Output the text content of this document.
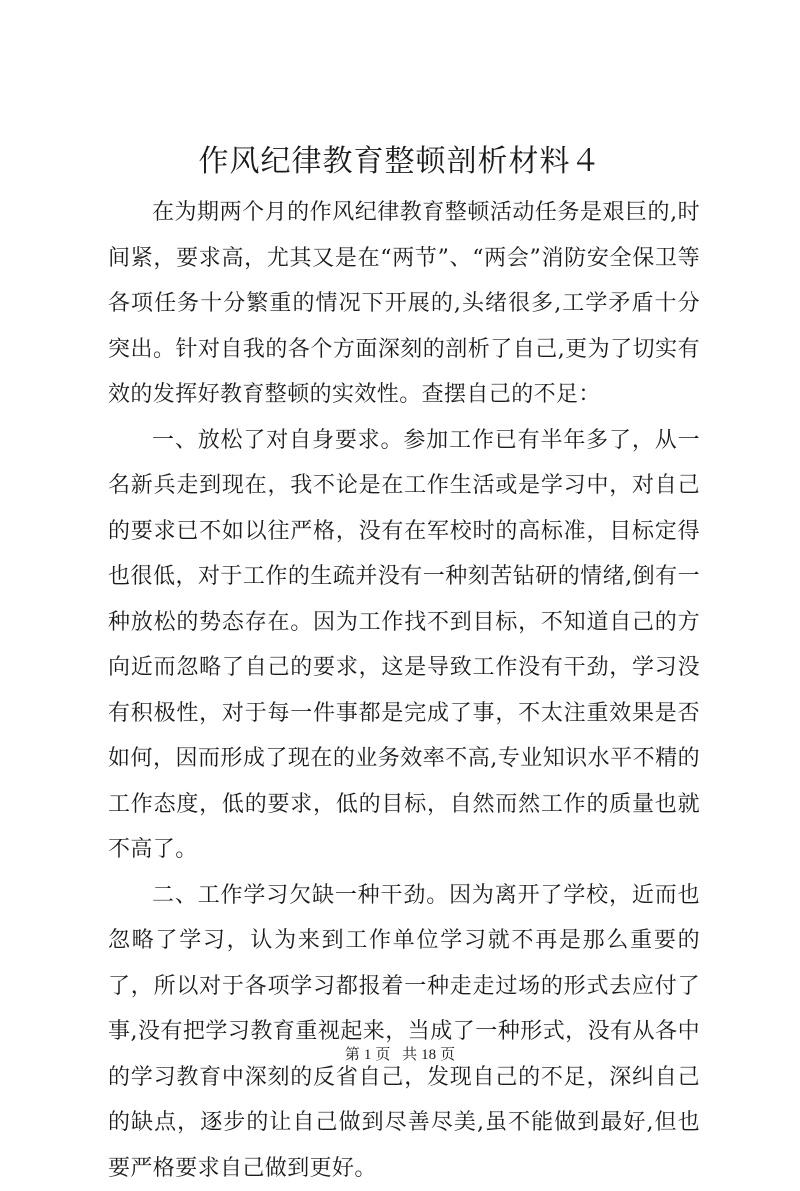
作风纪律教育整顿剖析材料４

在为期两个月的作风纪律教育整顿活动任务是艰巨的,时间紧，要求高，尤其又是在“两节”、“两会”消防安全保卫等各项任务十分繁重的情况下开展的,头绪很多,工学矛盾十分突出。针对自我的各个方面深刻的剖析了自己,更为了切实有效的发挥好教育整顿的实效性。查摆自己的不足：

一、放松了对自身要求。参加工作已有半年多了，从一名新兵走到现在，我不论是在工作生活或是学习中，对自己的要求已不如以往严格，没有在军校时的高标准，目标定得也很低，对于工作的生疏并没有一种刻苦钻研的情绪,倒有一种放松的势态存在。因为工作找不到目标，不知道自己的方向近而忽略了自己的要求，这是导致工作没有干劲，学习没有积极性，对于每一件事都是完成了事，不太注重效果是否如何，因而形成了现在的业务效率不高,专业知识水平不精的工作态度，低的要求，低的目标，自然而然工作的质量也就不高了。

二、工作学习欠缺一种干劲。因为离开了学校，近而也忽略了学习，认为来到工作单位学习就不再是那么重要的了，所以对于各项学习都报着一种走走过场的形式去应付了事,没有把学习教育重视起来，当成了一种形式，没有从各中的学习教育中深刻的反省自己，发现自己的不足，深纠自己的缺点，逐步的让自己做到尽善尽美,虽不能做到最好,但也要严格要求自己做到更好。

第 1 页 共 18 页
